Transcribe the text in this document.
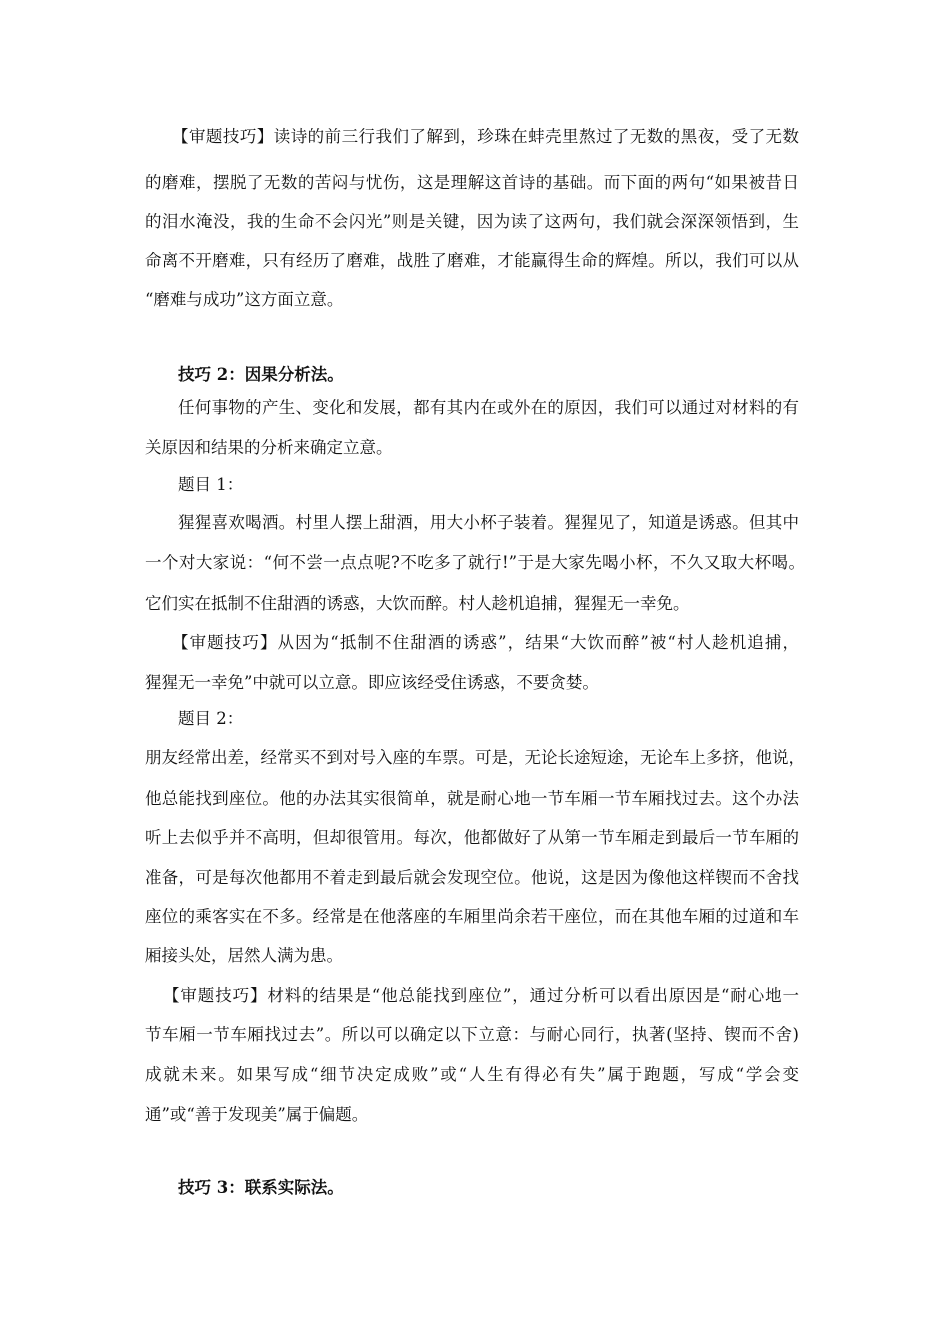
【审题技巧】读诗的前三行我们了解到，珍珠在蚌壳里熬过了无数的黑夜，受了无数
的磨难，摆脱了无数的苦闷与忧伤，这是理解这首诗的基础。而下面的两句“如果被昔日
的泪水淹没，我的生命不会闪光”则是关键，因为读了这两句，我们就会深深领悟到，生
命离不开磨难，只有经历了磨难，战胜了磨难，才能赢得生命的辉煌。所以，我们可以从
“磨难与成功”这方面立意。
技巧 2：因果分析法。
任何事物的产生、变化和发展，都有其内在或外在的原因，我们可以通过对材料的有
关原因和结果的分析来确定立意。
题目 1：
猩猩喜欢喝酒。村里人摆上甜酒，用大小杯子装着。猩猩见了，知道是诱惑。但其中
一个对大家说：“何不尝一点点呢?不吃多了就行!”于是大家先喝小杯，不久又取大杯喝。
它们实在抵制不住甜酒的诱惑，大饮而醉。村人趁机追捕，猩猩无一幸免。
【审题技巧】从因为“抵制不住甜酒的诱惑”，结果“大饮而醉”被“村人趁机追捕，
猩猩无一幸免”中就可以立意。即应该经受住诱惑，不要贪婪。
题目 2：
朋友经常出差，经常买不到对号入座的车票。可是，无论长途短途，无论车上多挤，他说，
他总能找到座位。他的办法其实很简单，就是耐心地一节车厢一节车厢找过去。这个办法
听上去似乎并不高明，但却很管用。每次，他都做好了从第一节车厢走到最后一节车厢的
准备，可是每次他都用不着走到最后就会发现空位。他说，这是因为像他这样锲而不舍找
座位的乘客实在不多。经常是在他落座的车厢里尚余若干座位，而在其他车厢的过道和车
厢接头处，居然人满为患。
【审题技巧】材料的结果是“他总能找到座位”，通过分析可以看出原因是“耐心地一
节车厢一节车厢找过去”。所以可以确定以下立意：与耐心同行，执著(坚持、锲而不舍)
成就未来。如果写成“细节决定成败”或“人生有得必有失”属于跑题，写成“学会变
通”或“善于发现美”属于偏题。
技巧 3：联系实际法。
